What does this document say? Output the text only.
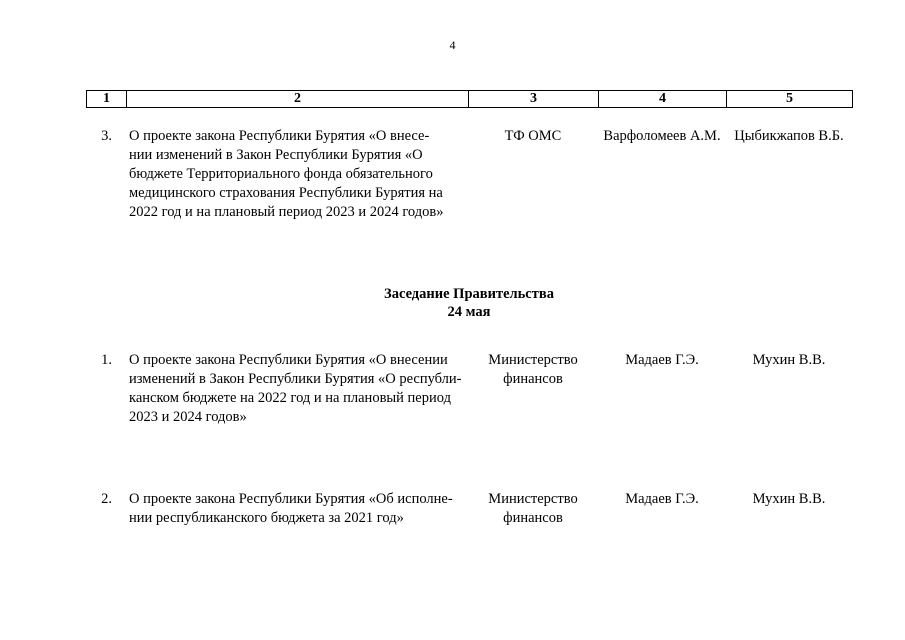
4
1	2	3	4	5
3. О проекте закона Республики Бурятия «О внесе-
нии изменений в Закон Республики Бурятия «О
бюджете Территориального фонда обязательного
медицинского страхования Республики Бурятия на
2022 год и на плановый период 2023 и 2024 годов»
ТФ ОМС	Варфоломеев А.М. Цыбикжапов В.Б.
Заседание Правительства
24 мая
1. О проекте закона Республики Бурятия «О внесении
изменений в Закон Республики Бурятия «О республи-
канском бюджете на 2022 год и на плановый период
2023 и 2024 годов»
Министерство
финансов
Мадаев Г.Э.	Мухин В.В.
2. О проекте закона Республики Бурятия «Об исполне-
нии республиканского бюджета за 2021 год»
Министерство
финансов
Мадаев Г.Э.	Мухин В.В.
